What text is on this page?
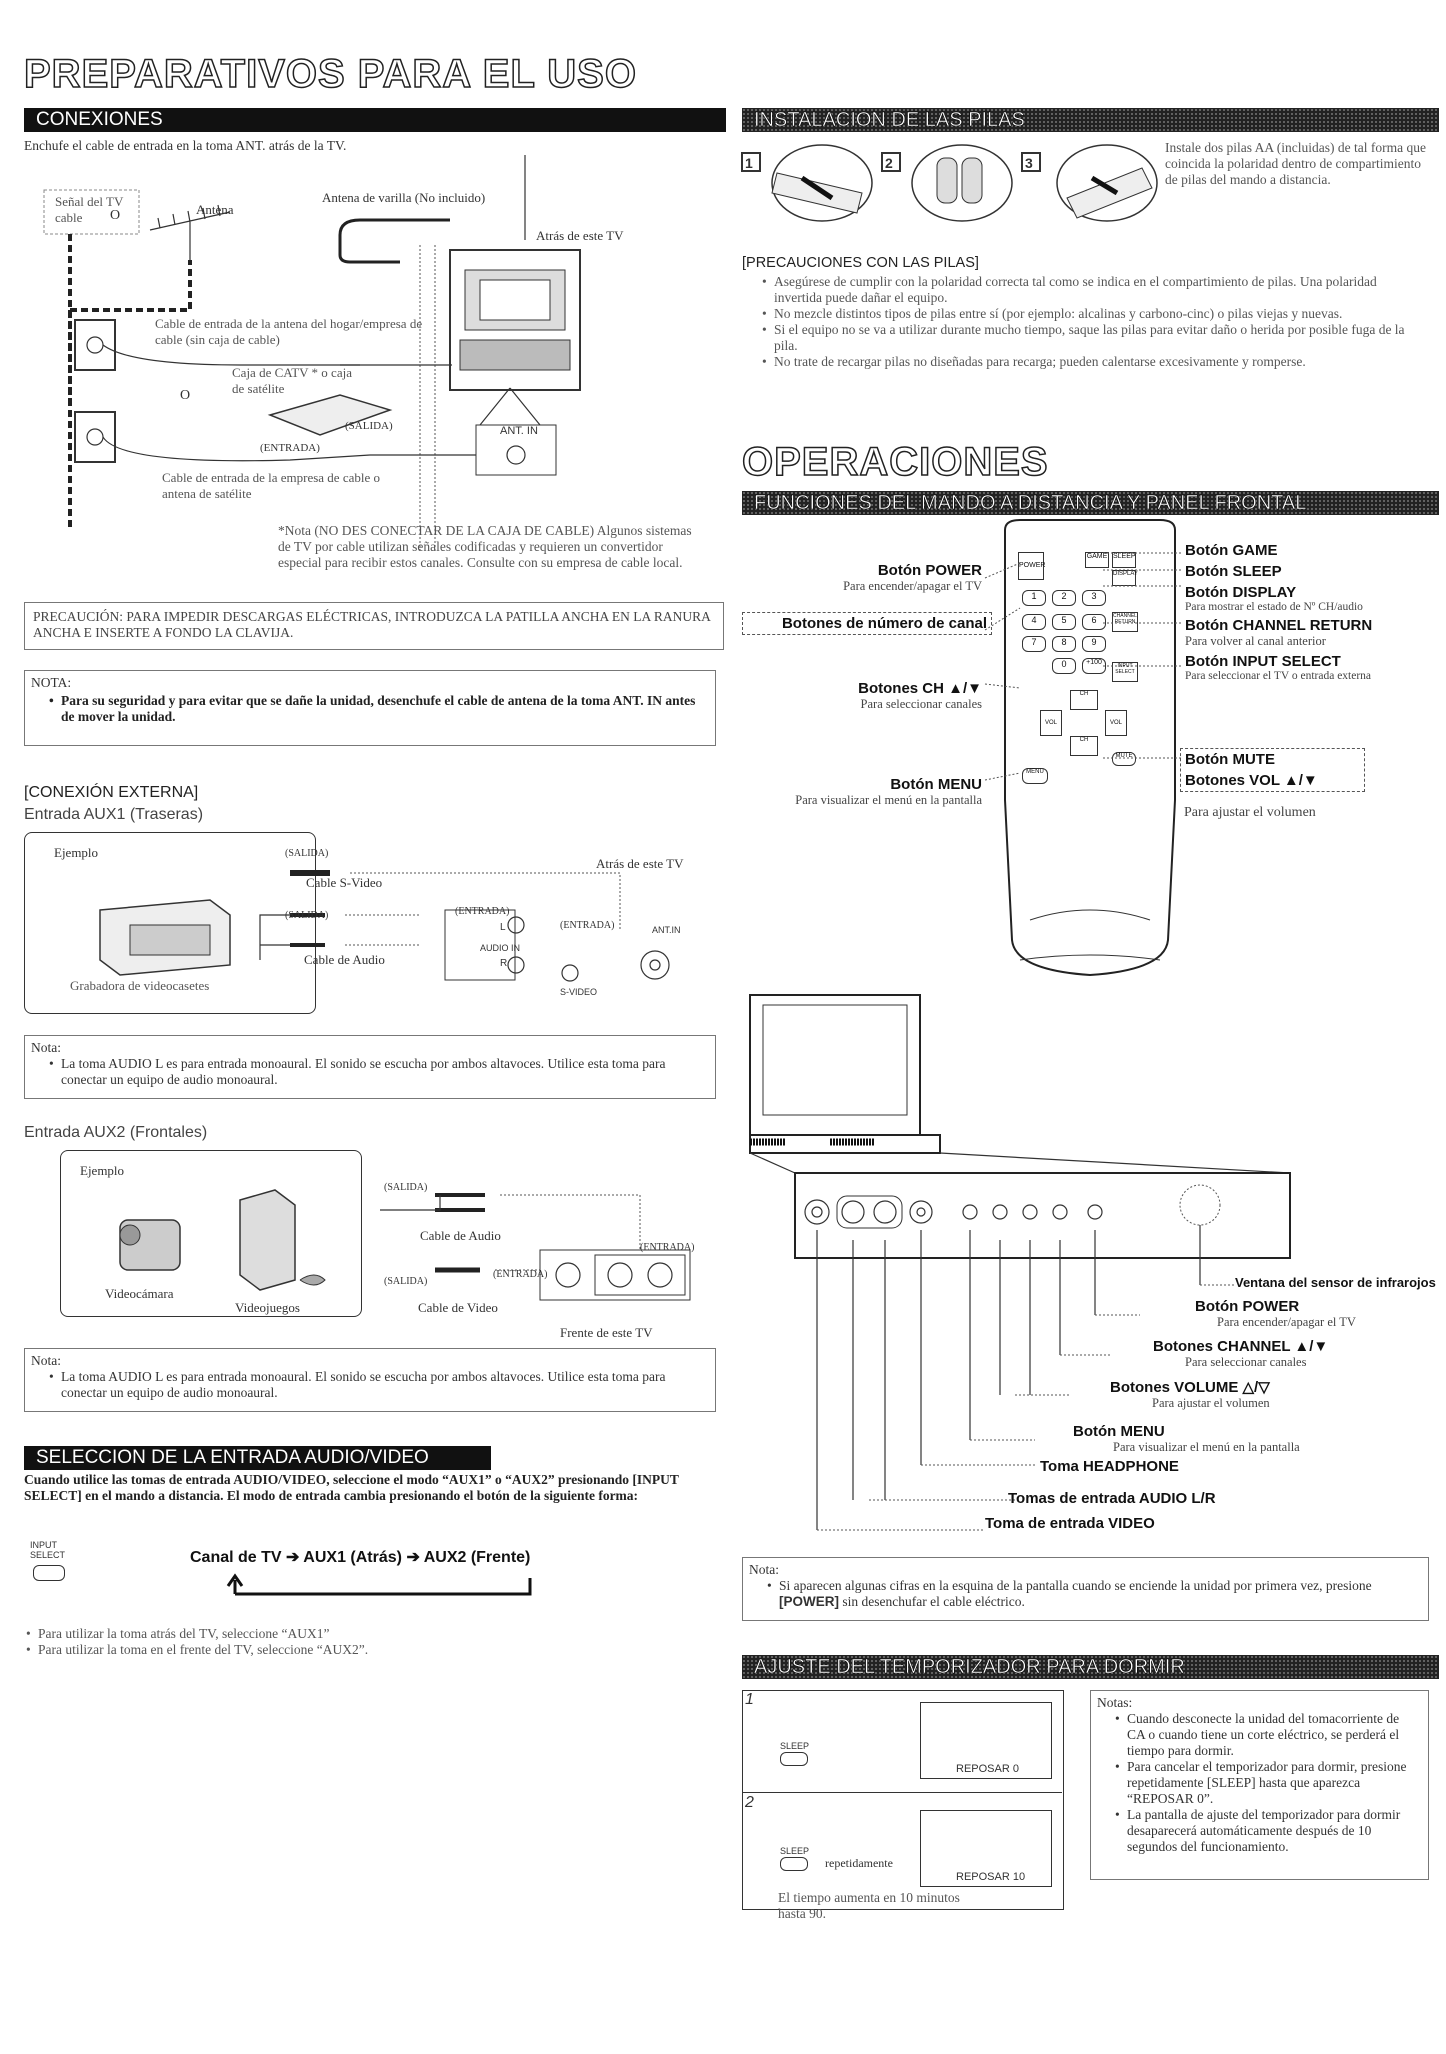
PREPARATIVOS PARA EL USO
CONEXIONES
Enchufe el cable de entrada en la toma ANT. atrás de la TV.
Señal del TV cable	O	Antena
Antena de varilla (No incluido)
Atrás de este TV
Cable de entrada de la antena del hogar/empresa de cable (sin caja de cable)
Caja de CATV * o caja de satélite
O
(SALIDA)
(ENTRADA)
ANT. IN
Cable de entrada de la empresa de cable o antena de satélite
*Nota (NO DES CONECTAR DE LA CAJA DE CABLE) Algunos sistemas de TV por cable utilizan señales codificadas y requieren un convertidor especial para recibir estos canales. Consulte con su empresa de cable local.
PRECAUCIÓN: PARA IMPEDIR DESCARGAS ELÉCTRICAS, INTRODUZCA LA PATILLA ANCHA EN LA RANURA ANCHA E INSERTE A FONDO LA CLAVIJA.
NOTA:
• Para su seguridad y para evitar que se dañe la unidad, desenchufe el cable de antena de la toma ANT. IN antes de mover la unidad.
[CONEXIÓN EXTERNA]
Entrada AUX1 (Traseras)
Ejemplo	(SALIDA)
Cable S-Video
Atrás de este TV
(SALIDA)	(ENTRADA)
(ENTRADA)	ANT.IN
Cable de Audio
L
AUDIO IN
R
S-VIDEO
Grabadora de videocasetes
Nota:
• La toma AUDIO L es para entrada monoaural. El sonido se escucha por ambos altavoces. Utilice esta toma para conectar un equipo de audio monoaural.
Entrada AUX2 (Frontales)
Ejemplo
(SALIDA)
Cable de Audio
(ENTRADA)
(SALIDA)
(ENTRADA)
Videocámara
Videojuegos	Cable de Video
Frente de este TV
Nota:
• La toma AUDIO L es para entrada monoaural. El sonido se escucha por ambos altavoces. Utilice esta toma para conectar un equipo de audio monoaural.
SELECCION DE LA ENTRADA AUDIO/VIDEO
Cuando utilice las tomas de entrada AUDIO/VIDEO, seleccione el modo “AUX1” o “AUX2” presionando [INPUT SELECT] en el mando a distancia. El modo de entrada cambia presionando el botón de la siguiente forma:
INPUT SELECT	Canal de TV ➔ AUX1 (Atrás) ➔ AUX2 (Frente)
• Para utilizar la toma atrás del TV, seleccione “AUX1”
• Para utilizar la toma en el frente del TV, seleccione “AUX2”.
INSTALACION DE LAS PILAS
1	2	3
Instale dos pilas AA (incluidas) de tal forma que coincida la polaridad dentro de compartimiento de pilas del mando a distancia.
[PRECAUCIONES CON LAS PILAS]
• Asegúrese de cumplir con la polaridad correcta tal como se indica en el compartimiento de pilas. Una polaridad invertida puede dañar el equipo.
• No mezcle distintos tipos de pilas entre sí (por ejemplo: alcalinas y carbono-cinc) o pilas viejas y nuevas.
• Si el equipo no se va a utilizar durante mucho tiempo, saque las pilas para evitar daño o herida por posible fuga de la pila.
• No trate de recargar pilas no diseñadas para recarga; pueden calentarse excesivamente y romperse.
OPERACIONES
FUNCIONES DEL MANDO A DISTANCIA Y PANEL FRONTAL
POWER
GAME SLEEP
DISPLAY
1	2	3
4	5	6	CHANNEL RETURN
7	8	9
0	+100	INPUT SELECT
VOL	VOL
CH
CH
MUTE
MENU
Botón POWER
Para encender/apagar el TV
Botones de número de canal
Botones CH ▲/▼
Para seleccionar canales
Botón MENU
Para visualizar el menú en la pantalla
Botón GAME
Botón SLEEP
Botón DISPLAY
Para mostrar el estado de Nº CH/audio
Botón CHANNEL RETURN
Para volver al canal anterior
Botón INPUT SELECT
Para seleccionar el TV o entrada externa
Botón MUTE
Botones VOL ▲/▼
Para ajustar el volumen
Ventana del sensor de infrarojos
Botón POWER
Para encender/apagar el TV
Botones CHANNEL ▲/▼
Para seleccionar canales
Botones VOLUME △/▽
Para ajustar el volumen
Botón MENU
Para visualizar el menú en la pantalla
Toma HEADPHONE
Tomas de entrada AUDIO L/R
Toma de entrada VIDEO
Nota:
• Si aparecen algunas cifras en la esquina de la pantalla cuando se enciende la unidad por primera vez, presione [POWER] sin desenchufar el cable eléctrico.
AJUSTE DEL TEMPORIZADOR PARA DORMIR
1
2
SLEEP
REPOSAR 0
SLEEP
repetidamente
REPOSAR 10
El tiempo aumenta en 10 minutos hasta 90.
Notas:
• Cuando desconecte la unidad del tomacorriente de CA o cuando tiene un corte eléctrico, se perderá el tiempo para dormir.
• Para cancelar el temporizador para dormir, presione repetidamente [SLEEP] hasta que aparezca “REPOSAR 0”.
• La pantalla de ajuste del temporizador para dormir desaparecerá automáticamente después de 10 segundos del funcionamiento.
